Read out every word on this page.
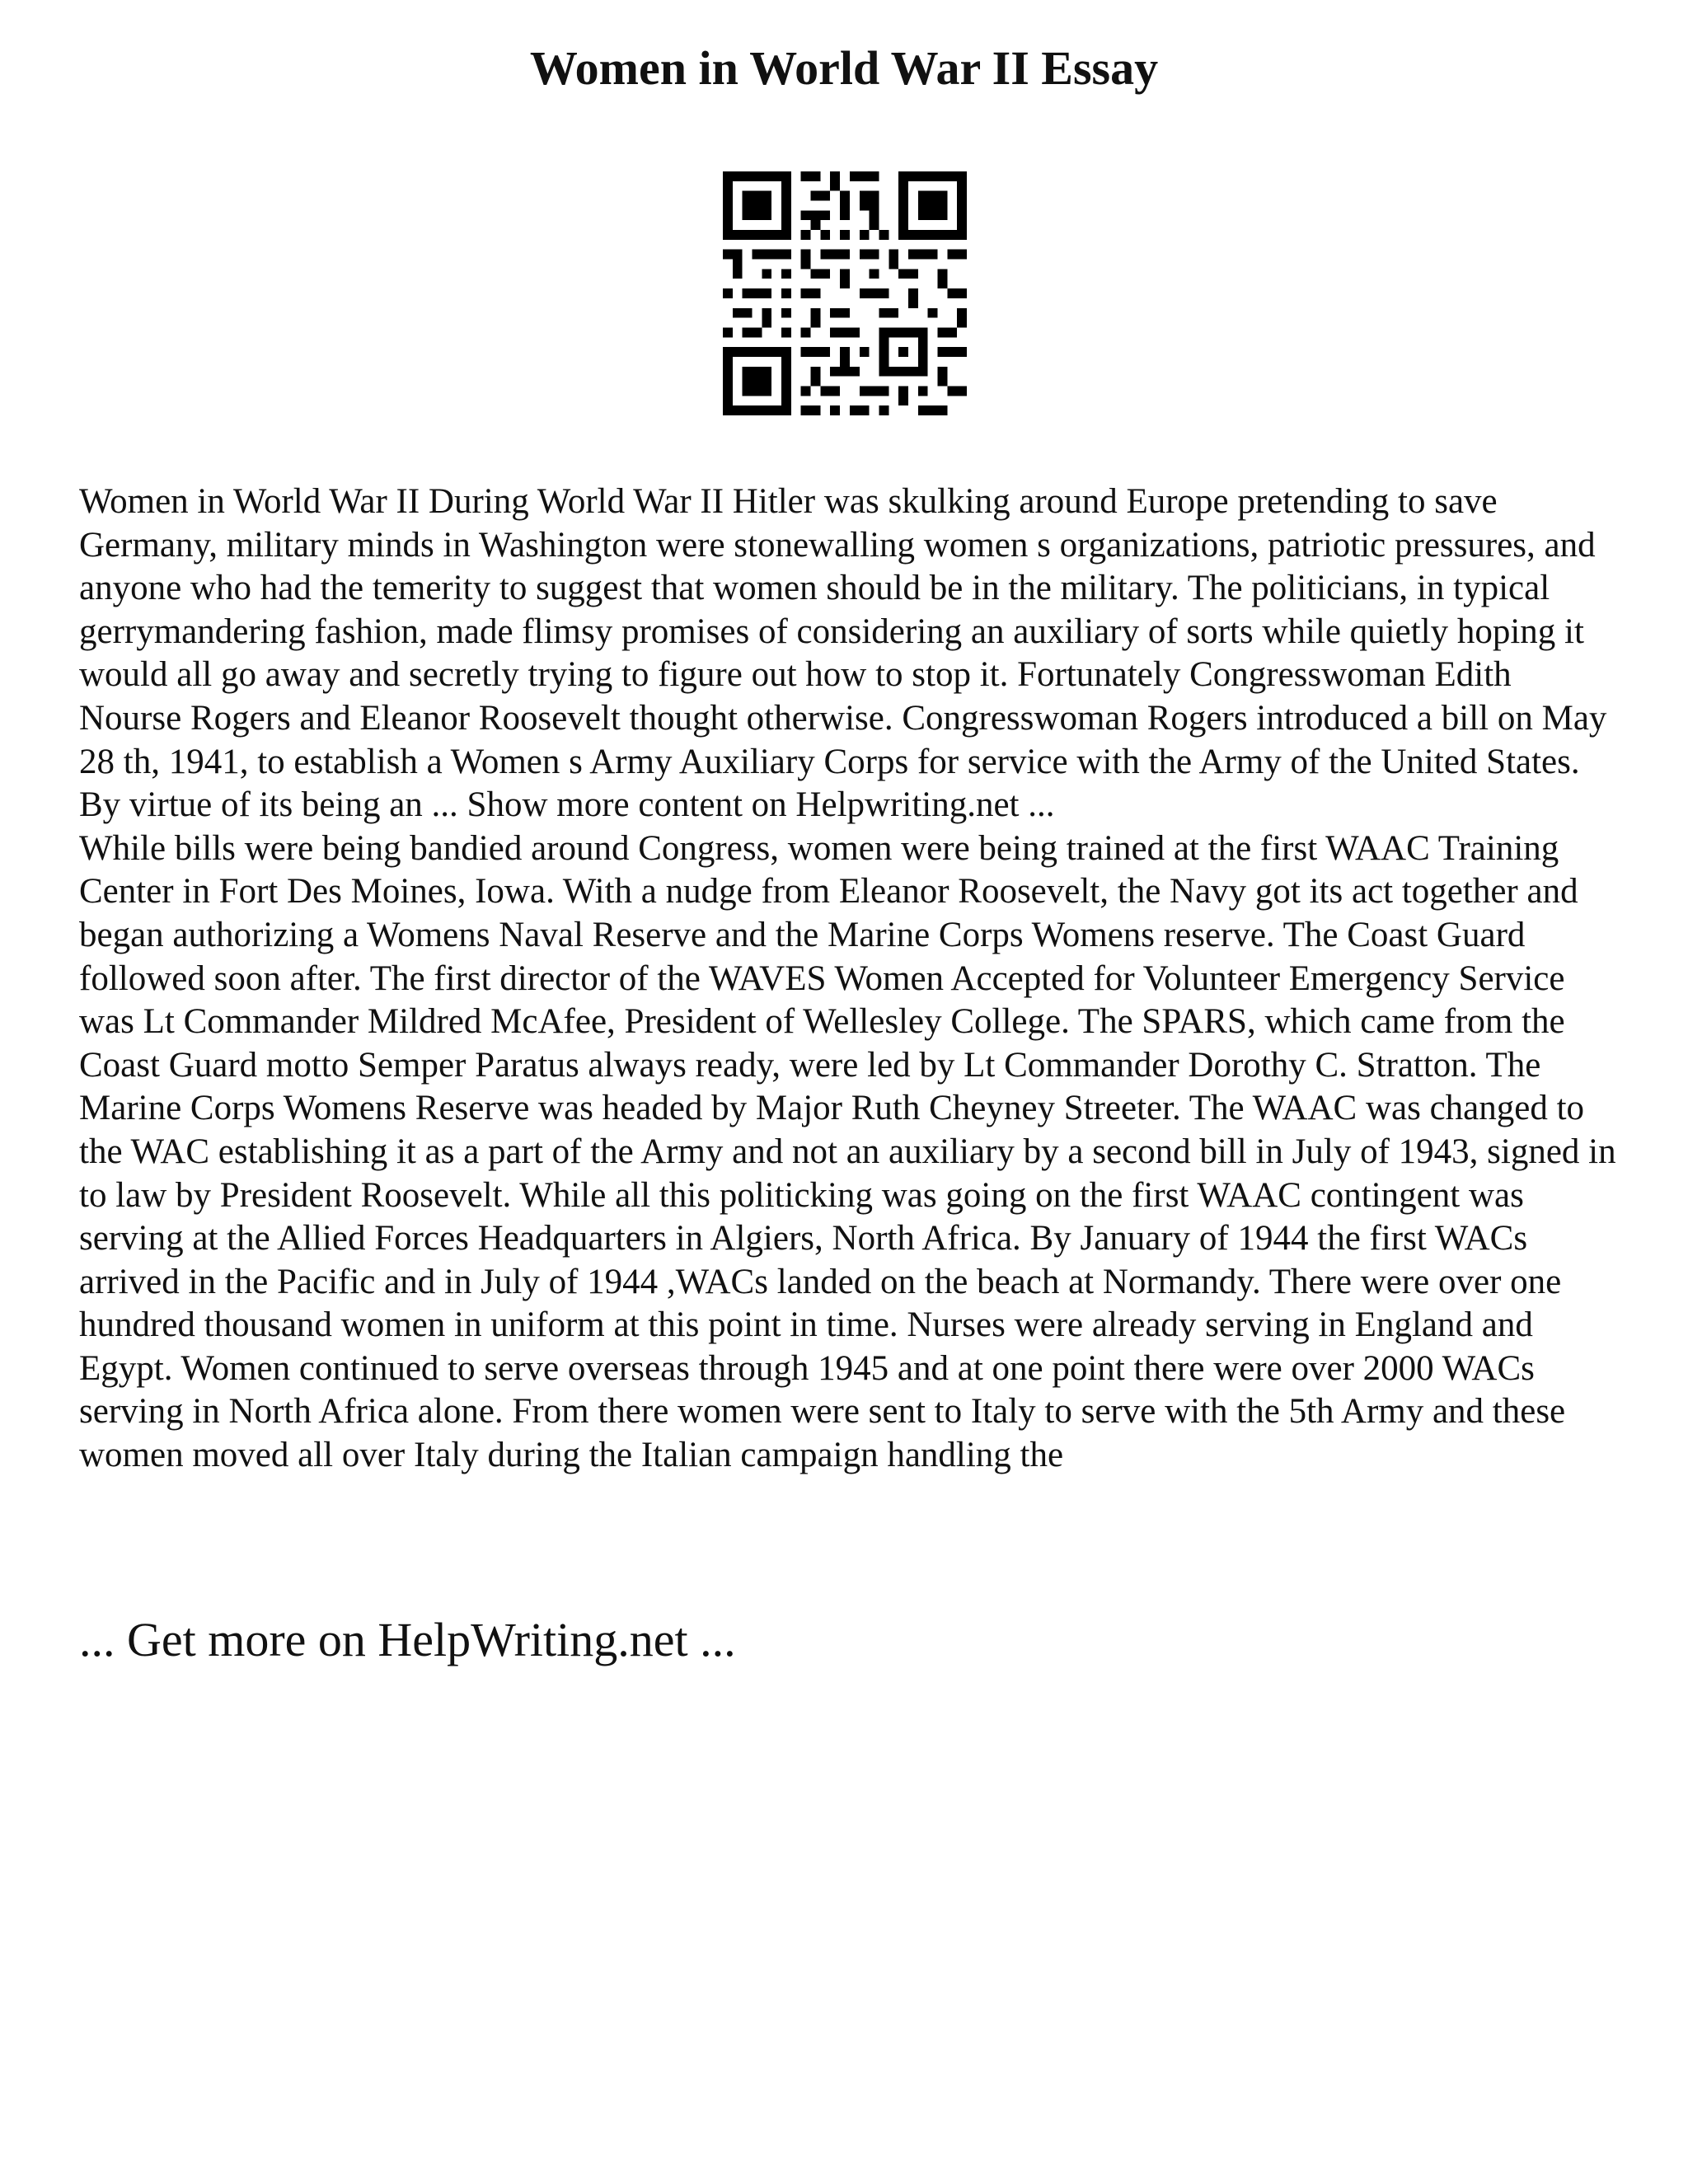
Women in World War II Essay

Women in World War II During World War II Hitler was skulking around Europe pretending to save Germany, military minds in Washington were stonewalling women s organizations, patriotic pressures, and anyone who had the temerity to suggest that women should be in the military. The politicians, in typical gerrymandering fashion, made flimsy promises of considering an auxiliary of sorts while quietly hoping it would all go away and secretly trying to figure out how to stop it. Fortunately Congresswoman Edith Nourse Rogers and Eleanor Roosevelt thought otherwise. Congresswoman Rogers introduced a bill on May 28 th, 1941, to establish a Women s Army Auxiliary Corps for service with the Army of the United States. By virtue of its being an ... Show more content on Helpwriting.net ...

While bills were being bandied around Congress, women were being trained at the first WAAC Training Center in Fort Des Moines, Iowa. With a nudge from Eleanor Roosevelt, the Navy got its act together and began authorizing a Womens Naval Reserve and the Marine Corps Womens reserve. The Coast Guard followed soon after. The first director of the WAVES Women Accepted for Volunteer Emergency Service was Lt Commander Mildred McAfee, President of Wellesley College. The SPARS, which came from the Coast Guard motto Semper Paratus always ready, were led by Lt Commander Dorothy C. Stratton. The Marine Corps Womens Reserve was headed by Major Ruth Cheyney Streeter. The WAAC was changed to the WAC establishing it as a part of the Army and not an auxiliary by a second bill in July of 1943, signed in to law by President Roosevelt. While all this politicking was going on the first WAAC contingent was serving at the Allied Forces Headquarters in Algiers, North Africa. By January of 1944 the first WACs arrived in the Pacific and in July of 1944 ,WACs landed on the beach at Normandy. There were over one hundred thousand women in uniform at this point in time. Nurses were already serving in England and Egypt. Women continued to serve overseas through 1945 and at one point there were over 2000 WACs serving in North Africa alone. From there women were sent to Italy to serve with the 5th Army and these women moved all over Italy during the Italian campaign handling the

... Get more on HelpWriting.net ...
